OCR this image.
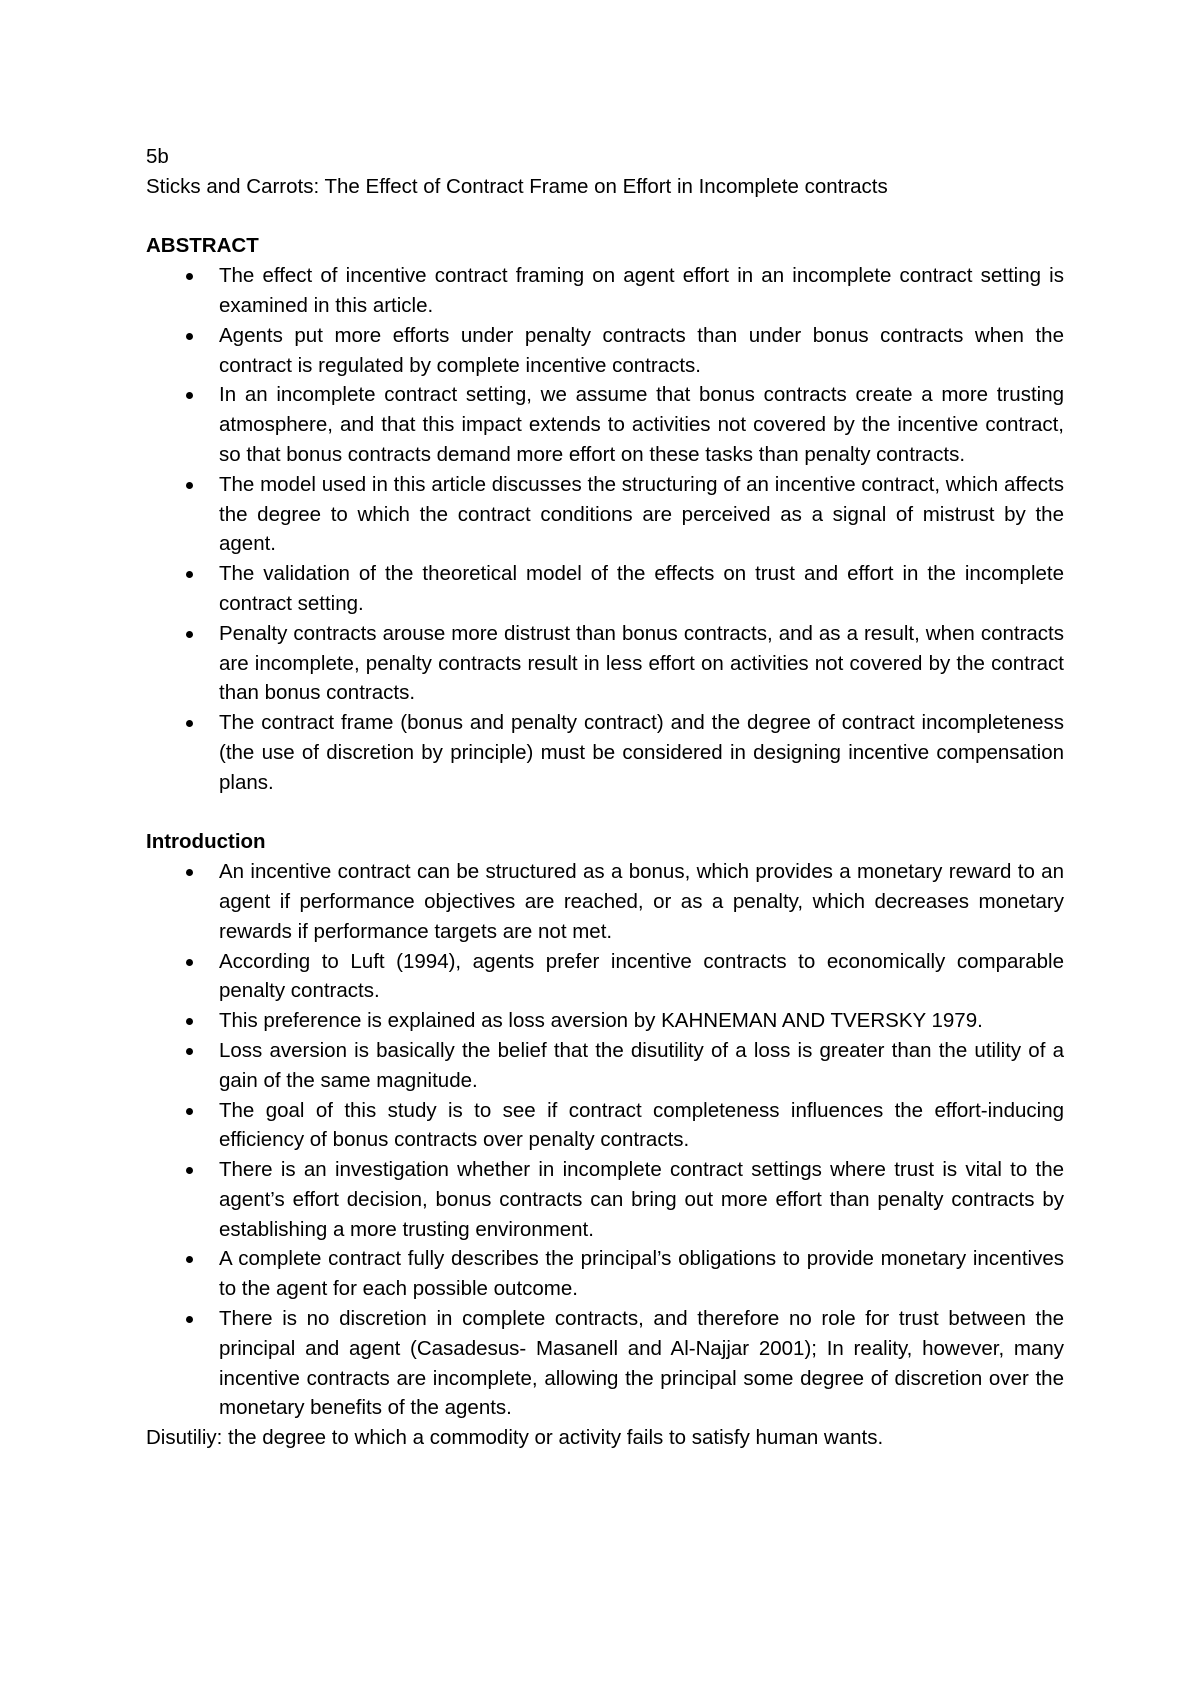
5b

Sticks and Carrots: The Effect of Contract Frame on Effort in Incomplete contracts
ABSTRACT
The effect of incentive contract framing on agent effort in an incomplete contract setting is examined in this article.
Agents put more efforts under penalty contracts than under bonus contracts when the contract is regulated by complete incentive contracts.
In an incomplete contract setting, we assume that bonus contracts create a more trusting atmosphere, and that this impact extends to activities not covered by the incentive contract, so that bonus contracts demand more effort on these tasks than penalty contracts.
The model used in this article discusses the structuring of an incentive contract, which affects the degree to which the contract conditions are perceived as a signal of mistrust by the agent.
The validation of the theoretical model of the effects on trust and effort in the incomplete contract setting.
Penalty contracts arouse more distrust than bonus contracts, and as a result, when contracts are incomplete, penalty contracts result in less effort on activities not covered by the contract than bonus contracts.
The contract frame (bonus and penalty contract) and the degree of contract incompleteness (the use of discretion by principle) must be considered in designing incentive compensation plans.
Introduction
An incentive contract can be structured as a bonus, which provides a monetary reward to an agent if performance objectives are reached, or as a penalty, which decreases monetary rewards if performance targets are not met.
According to Luft (1994), agents prefer incentive contracts to economically comparable penalty contracts.
This preference is explained as loss aversion by KAHNEMAN AND TVERSKY 1979.
Loss aversion is basically the belief that the disutility of a loss is greater than the utility of a gain of the same magnitude.
The goal of this study is to see if contract completeness influences the effort-inducing efficiency of bonus contracts over penalty contracts.
There is an investigation whether in incomplete contract settings where trust is vital to the agent’s effort decision, bonus contracts can bring out more effort than penalty contracts by establishing a more trusting environment.
A complete contract fully describes the principal’s obligations to provide monetary incentives to the agent for each possible outcome.
There is no discretion in complete contracts, and therefore no role for trust between the principal and agent (Casadesus- Masanell and Al-Najjar 2001); In reality, however, many incentive contracts are incomplete, allowing the principal some degree of discretion over the monetary benefits of the agents.

Disutiliy: the degree to which a commodity or activity fails to satisfy human wants.
